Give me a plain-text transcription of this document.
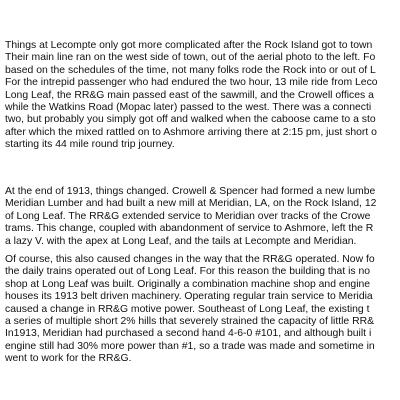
Things at Lecompte only got more complicated after the Rock Island got to town
Their main line ran on the west side of town, out of the aerial photo to the left. Fo
based on the schedules of the time, not many folks rode the Rock into or out of L
For the intrepid passenger who had endured the two hour, 13 mile ride from Leco
Long Leaf, the RR&G main passed east of the sawmill, and the Crowell offices a
while the Watkins Road (Mopac later) passed to the west. There was a connecti
two, but probably you simply got off and walked when the caboose came to a sto
after which the mixed rattled on to Ashmore arriving there at 2:15 pm, just short o
starting its 44 mile round trip journey.
At the end of 1913, things changed. Crowell & Spencer had formed a new lumbe
Meridian Lumber and had built a new mill at Meridian, LA, on the Rock Island, 12
of Long Leaf. The RR&G extended service to Meridian over tracks of the Crowe
trams. This change, coupled with abandonment of service to Ashmore, left the R
a lazy V. with the apex at Long Leaf, and the tails at Lecompte and Meridian.
Of course, this also caused changes in the way that the RR&G operated. Now fo
the daily trains operated out of Long Leaf. For this reason the building that is no
shop at Long Leaf was built. Originally a combination machine shop and engine
houses its 1913 belt driven machinery. Operating regular train service to Meridia
caused a change in RR&G motive power. Southeast of Long Leaf, the existing t
a series of multiple short 2% hills that severely strained the capacity of little RR&
In1913, Meridian had purchased a second hand 4-6-0 #101, and although built i
engine still had 30% more power than #1, so a trade was made and sometime in
went to work for the RR&G.
